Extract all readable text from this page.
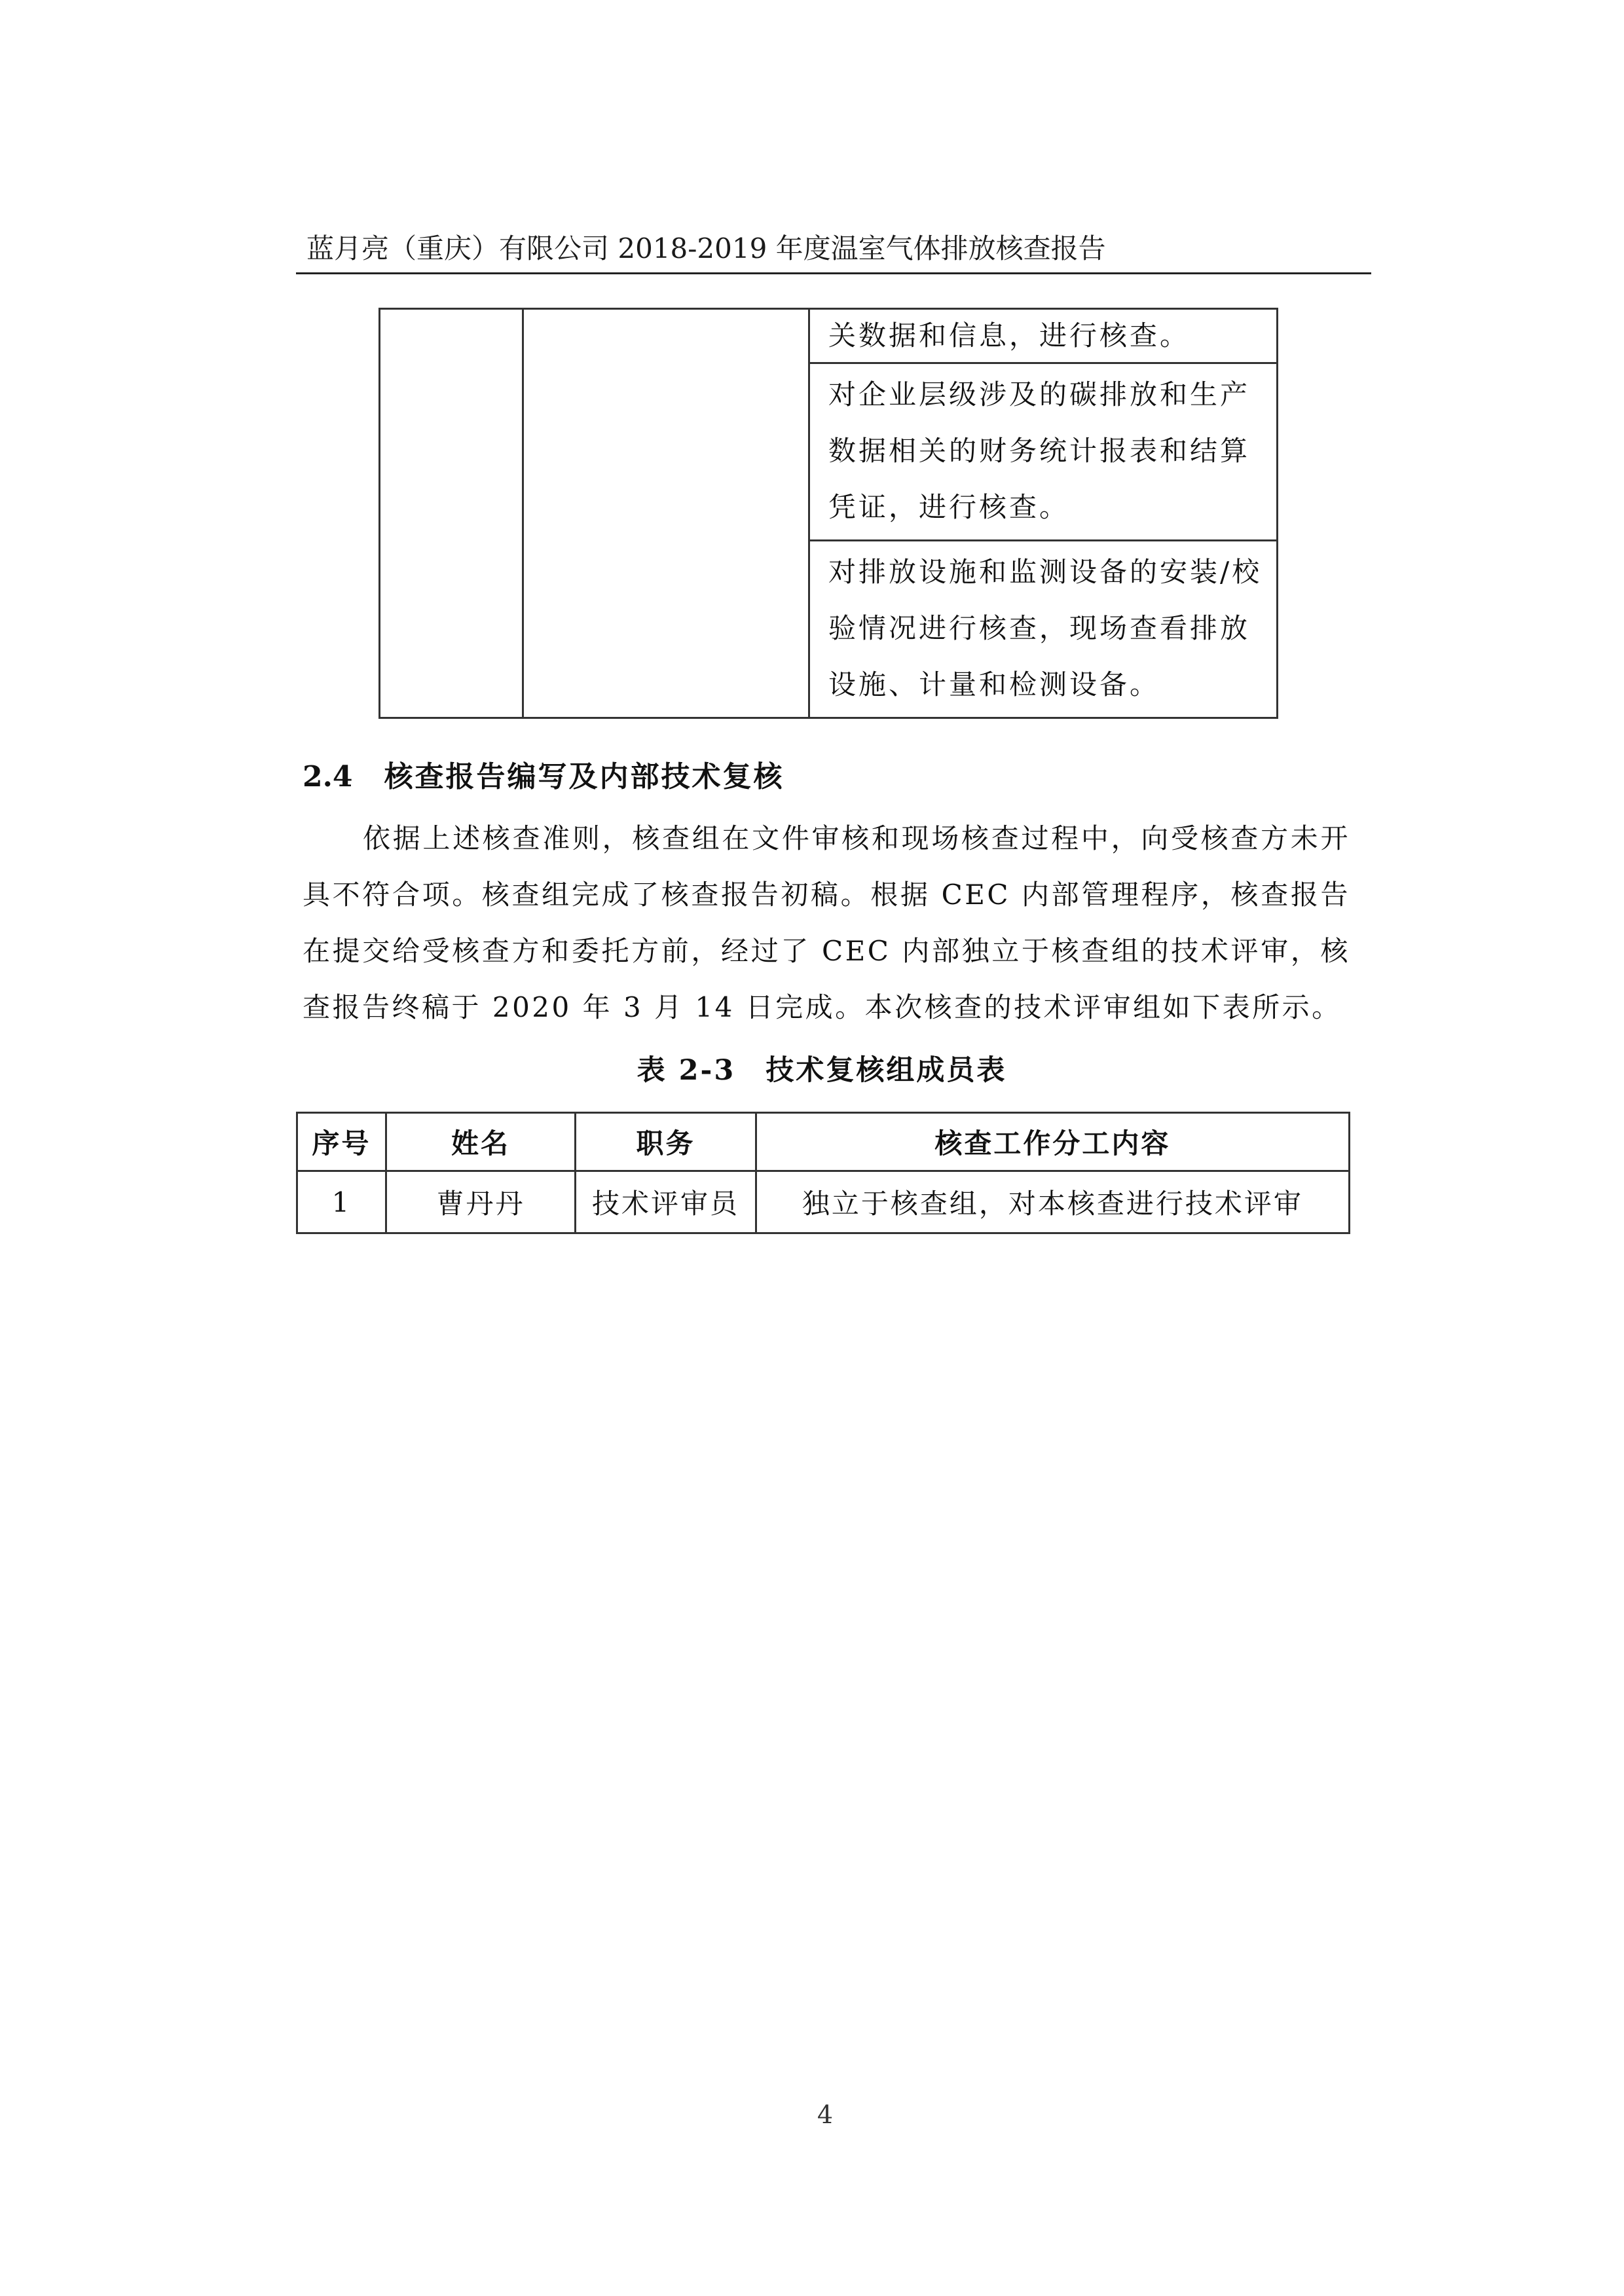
蓝月亮（重庆）有限公司 2018-2019 年度温室气体排放核查报告

关数据和信息，进行核查。

对企业层级涉及的碳排放和生产数据相关的财务统计报表和结算凭证，进行核查。

对排放设施和监测设备的安装/校验情况进行核查，现场查看排放设施、计量和检测设备。
2.4 核查报告编写及内部技术复核
依据上述核查准则，核查组在文件审核和现场核查过程中，向受核查方未开具不符合项。核查组完成了核查报告初稿。根据 CEC 内部管理程序，核查报告在提交给受核查方和委托方前，经过了 CEC 内部独立于核查组的技术评审，核查报告终稿于 2020 年 3 月 14 日完成。本次核查的技术评审组如下表所示。
表 2-3　技术复核组成员表
序号	姓名	职务	核查工作分工内容
1	曹丹丹	技术评审员	独立于核查组，对本核查进行技术评审
4
